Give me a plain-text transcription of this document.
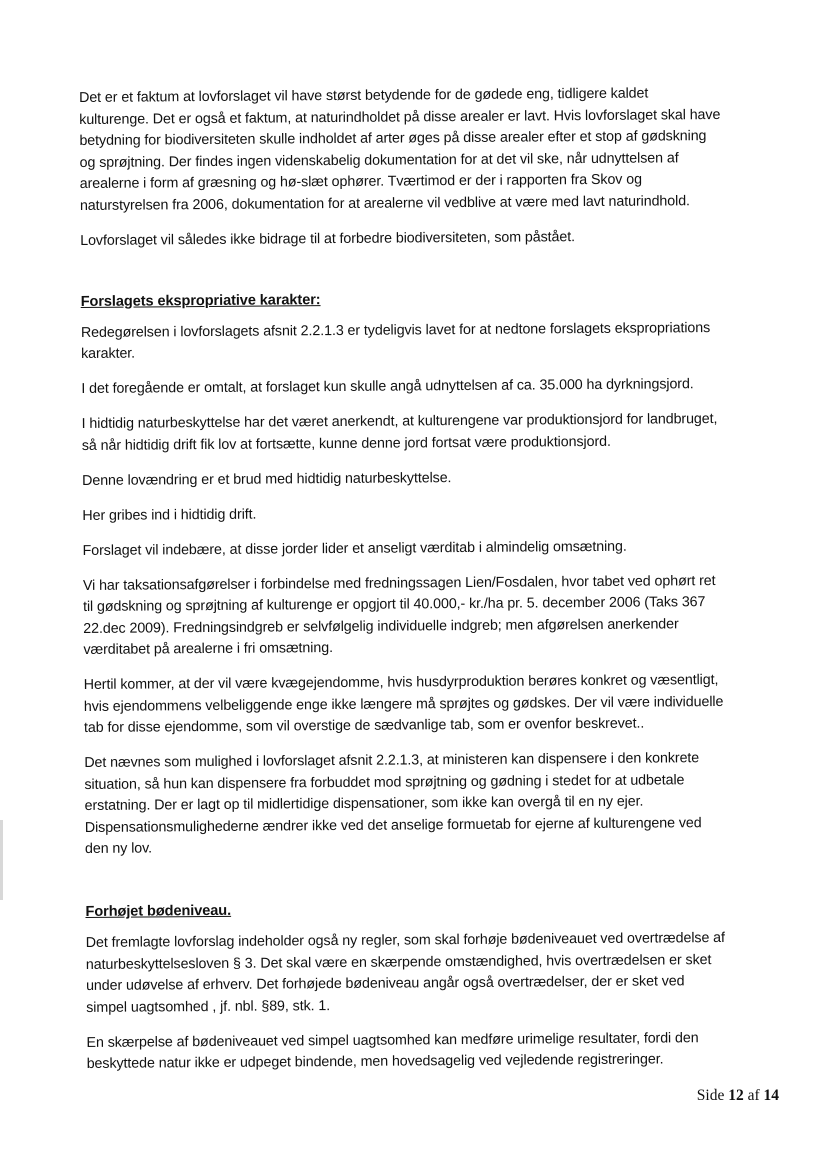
Det er et faktum at lovforslaget vil have størst betydende for de gødede eng, tidligere kaldet
kulturenge. Det er også et faktum, at naturindholdet på disse arealer er lavt. Hvis lovforslaget skal have
betydning for biodiversiteten skulle indholdet af arter øges på disse arealer efter et stop af gødskning
og sprøjtning. Der findes ingen videnskabelig dokumentation for at det vil ske, når udnyttelsen af
arealerne i form af græsning og hø-slæt ophører. Tværtimod er der i rapporten fra Skov og
naturstyrelsen fra 2006, dokumentation for at arealerne vil vedblive at være med lavt naturindhold.

Lovforslaget vil således ikke bidrage til at forbedre biodiversiteten, som påstået.

Forslagets ekspropriative karakter:

Redegørelsen i lovforslagets afsnit 2.2.1.3 er tydeligvis lavet for at nedtone forslagets ekspropriations
karakter.

I det foregående er omtalt, at forslaget kun skulle angå udnyttelsen af ca. 35.000 ha dyrkningsjord.

I hidtidig naturbeskyttelse har det været anerkendt, at kulturengene var produktionsjord for landbruget,
så når hidtidig drift fik lov at fortsætte, kunne denne jord fortsat være produktionsjord.

Denne lovændring er et brud med hidtidig naturbeskyttelse.

Her gribes ind i hidtidig drift.

Forslaget vil indebære, at disse jorder lider et anseligt værditab i almindelig omsætning.

Vi har taksationsafgørelser i forbindelse med fredningssagen Lien/Fosdalen, hvor tabet ved ophørt ret
til gødskning og sprøjtning af kulturenge er opgjort til 40.000,- kr./ha pr. 5. december 2006 (Taks 367
22.dec 2009). Fredningsindgreb er selvfølgelig individuelle indgreb; men afgørelsen anerkender
værditabet på arealerne i fri omsætning.

Hertil kommer, at der vil være kvægejendomme, hvis husdyrproduktion berøres konkret og væsentligt,
hvis ejendommens velbeliggende enge ikke længere må sprøjtes og gødskes. Der vil være individuelle
tab for disse ejendomme, som vil overstige de sædvanlige tab, som er ovenfor beskrevet..

Det nævnes som mulighed i lovforslaget afsnit 2.2.1.3, at ministeren kan dispensere i den konkrete
situation, så hun kan dispensere fra forbuddet mod sprøjtning og gødning i stedet for at udbetale
erstatning. Der er lagt op til midlertidige dispensationer, som ikke kan overgå til en ny ejer.
Dispensationsmulighederne ændrer ikke ved det anselige formuetab for ejerne af kulturengene ved
den ny lov.

Forhøjet bødeniveau.

Det fremlagte lovforslag indeholder også ny regler, som skal forhøje bødeniveauet ved overtrædelse af
naturbeskyttelsesloven § 3. Det skal være en skærpende omstændighed, hvis overtrædelsen er sket
under udøvelse af erhverv. Det forhøjede bødeniveau angår også overtrædelser, der er sket ved
simpel uagtsomhed , jf. nbl. §89, stk. 1.

En skærpelse af bødeniveauet ved simpel uagtsomhed kan medføre urimelige resultater, fordi den
beskyttede natur ikke er udpeget bindende, men hovedsagelig ved vejledende registreringer.

Side 12 af 14
